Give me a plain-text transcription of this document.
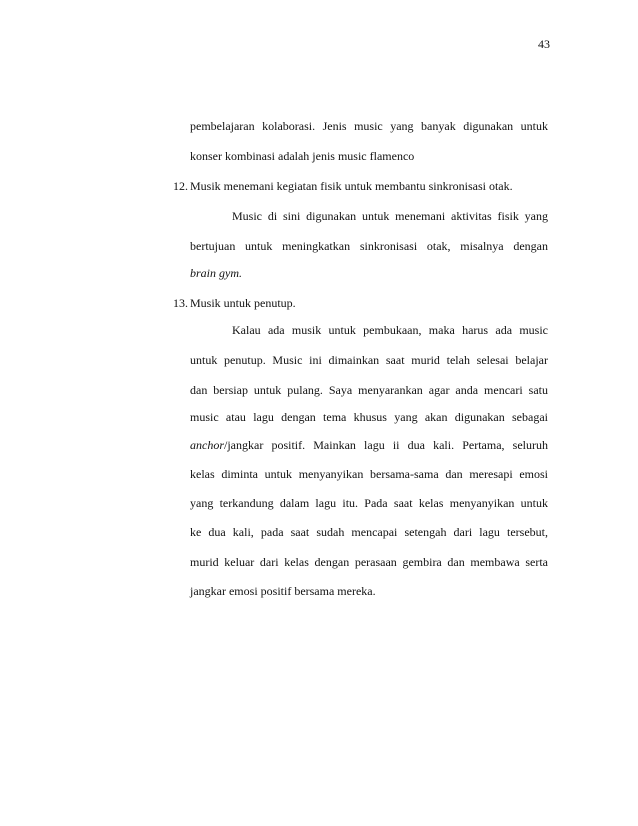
43
pembelajaran kolaborasi. Jenis music yang banyak digunakan untuk
konser kombinasi adalah jenis music flamenco
12. Musik menemani kegiatan fisik untuk membantu sinkronisasi otak.
Music di sini digunakan untuk menemani aktivitas fisik yang
bertujuan untuk meningkatkan sinkronisasi otak, misalnya dengan
brain gym.
13. Musik untuk penutup.
Kalau ada musik untuk pembukaan, maka harus ada music
untuk penutup. Music ini dimainkan saat murid telah selesai belajar
dan bersiap untuk pulang. Saya menyarankan agar anda mencari satu
music atau lagu dengan tema khusus yang akan digunakan sebagai
anchor/jangkar positif. Mainkan lagu ii dua kali. Pertama, seluruh
kelas diminta untuk menyanyikan bersama-sama dan meresapi emosi
yang terkandung dalam lagu itu. Pada saat kelas menyanyikan untuk
ke dua kali, pada saat sudah mencapai setengah dari lagu tersebut,
murid keluar dari kelas dengan perasaan gembira dan membawa serta
jangkar emosi positif bersama mereka.
